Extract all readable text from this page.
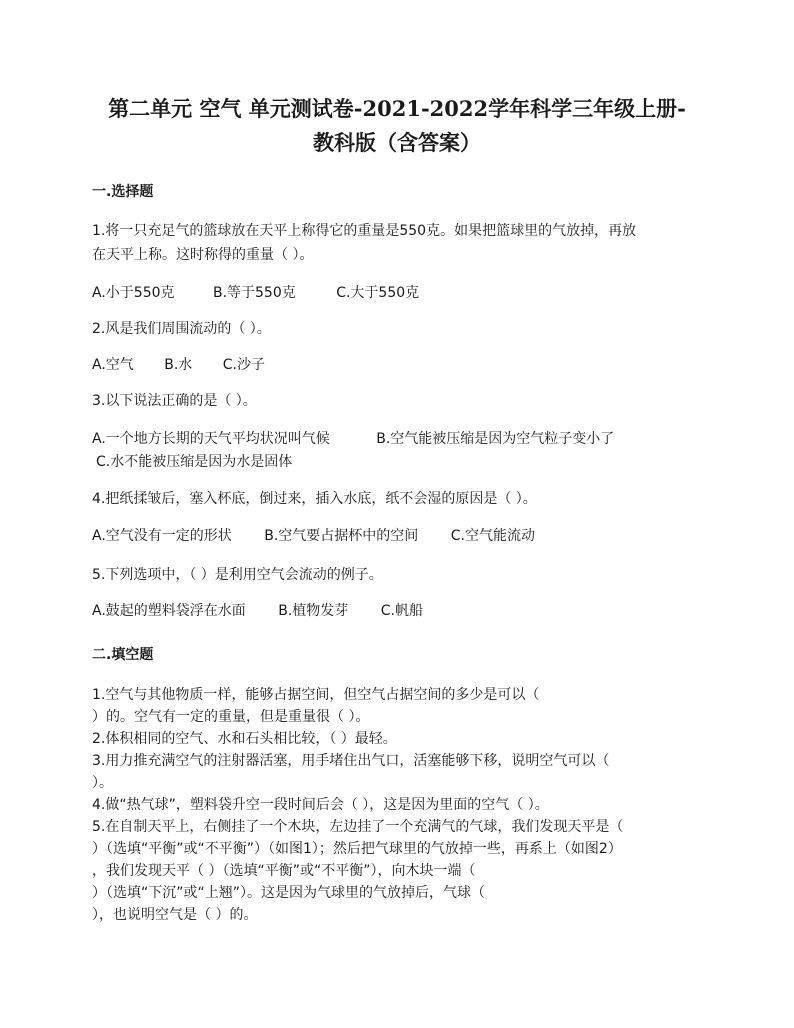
第二单元 空气 单元测试卷-2021-2022学年科学三年级上册-
教科版（含答案）
一.选择题
1.将一只充足气的篮球放在天平上称得它的重量是550克。如果把篮球里的气放掉，再放
在天平上称。这时称得的重量（ ）。
A.小于550克	B.等于550克	C.大于550克
2.风是我们周围流动的（ ）。
A.空气 B.水 C.沙子
3.以下说法正确的是（ ）。
A.一个地方长期的天气平均状况叫气候	B.空气能被压缩是因为空气粒子变小了
C.水不能被压缩是因为水是固体
4.把纸揉皱后，塞入杯底，倒过来，插入水底，纸不会湿的原因是（ ）。
A.空气没有一定的形状 B.空气要占据杯中的空间 C.空气能流动
5.下列选项中，（ ）是利用空气会流动的例子。
A.鼓起的塑料袋浮在水面 B.植物发芽 C.帆船
二.填空题
1.空气与其他物质一样，能够占据空间，但空气占据空间的多少是可以（
）的。空气有一定的重量，但是重量很（ ）。
2.体积相同的空气、水和石头相比较，（ ）最轻。
3.用力推充满空气的注射器活塞，用手堵住出气口，活塞能够下移，说明空气可以（
）。
4.做“热气球”，塑料袋升空一段时间后会（ ），这是因为里面的空气（ ）。
5.在自制天平上，右侧挂了一个木块，左边挂了一个充满气的气球，我们发现天平是（
）（选填“平衡”或“不平衡”）（如图1）；然后把气球里的气放掉一些，再系上（如图2）
，我们发现天平（ ）（选填“平衡”或“不平衡”），向木块一端（
）（选填“下沉”或“上翘”）。这是因为气球里的气放掉后，气球（
），也说明空气是（ ）的。
